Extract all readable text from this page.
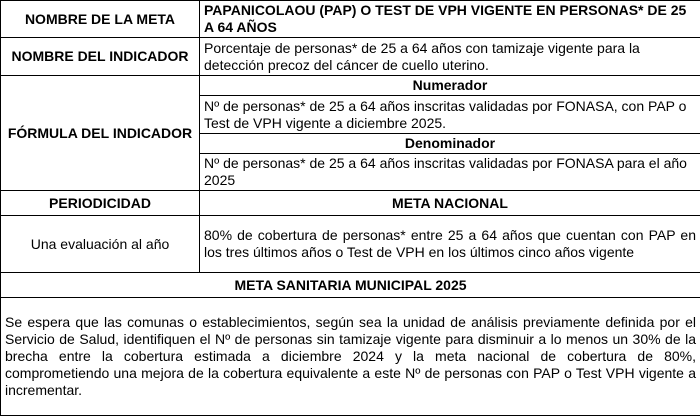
NOMBRE DE LA META	PAPANICOLAOU (PAP) O TEST DE VPH VIGENTE EN PERSONAS* DE 25 A 64 AÑOS
NOMBRE DEL INDICADOR	Porcentaje de personas* de 25 a 64 años con tamizaje vigente para la detección precoz del cáncer de cuello uterino.
FÓRMULA DEL INDICADOR	Numerador
	Nº de personas* de 25 a 64 años inscritas validadas por FONASA, con PAP o Test de VPH vigente a diciembre 2025.
	Denominador
	Nº de personas* de 25 a 64 años inscritas validadas por FONASA para el año 2025
PERIODICIDAD	META NACIONAL
Una evaluación al año	80% de cobertura de personas* entre 25 a 64 años que cuentan con PAP en los tres últimos años o Test de VPH en los últimos cinco años vigente
META SANITARIA MUNICIPAL 2025	
Se espera que las comunas o establecimientos, según sea la unidad de análisis previamente definida por el Servicio de Salud, identifiquen el Nº de personas sin tamizaje vigente para disminuir a lo menos un 30% de la brecha entre la cobertura estimada a diciembre 2024 y la meta nacional de cobertura de 80%, comprometiendo una mejora de la cobertura equivalente a este Nº de personas con PAP o Test VPH vigente a incrementar.	
